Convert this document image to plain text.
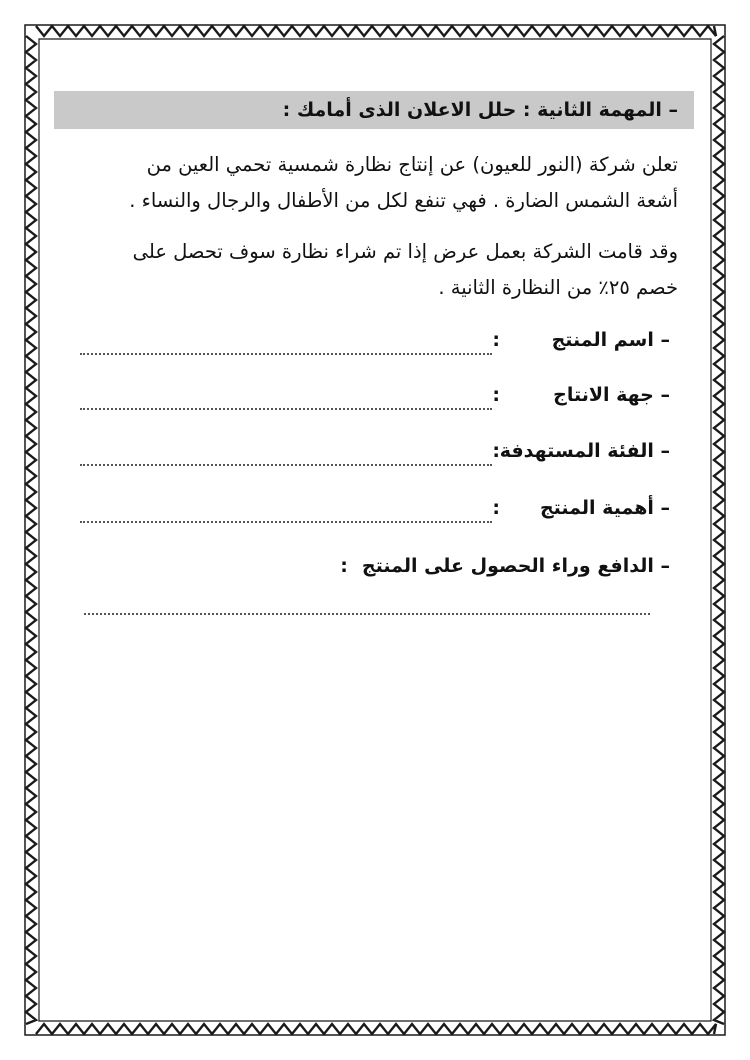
– المهمة الثانية : حلل الاعلان الذى أمامك :
تعلن شركة (النور للعيون) عن إنتاج نظارة شمسية تحمي العين من أشعة الشمس الضارة . فهي تنفع لكل من الأطفال والرجال والنساء .
وقد قامت الشركة بعمل عرض إذا تم شراء نظارة سوف تحصل على خصم ٢٥٪ من النظارة الثانية .
– اسم المنتج
:
– جهة الانتاج
:
– الفئة المستهدفة
:
– أهمية المنتج
:
– الدافع وراء الحصول على المنتج:
